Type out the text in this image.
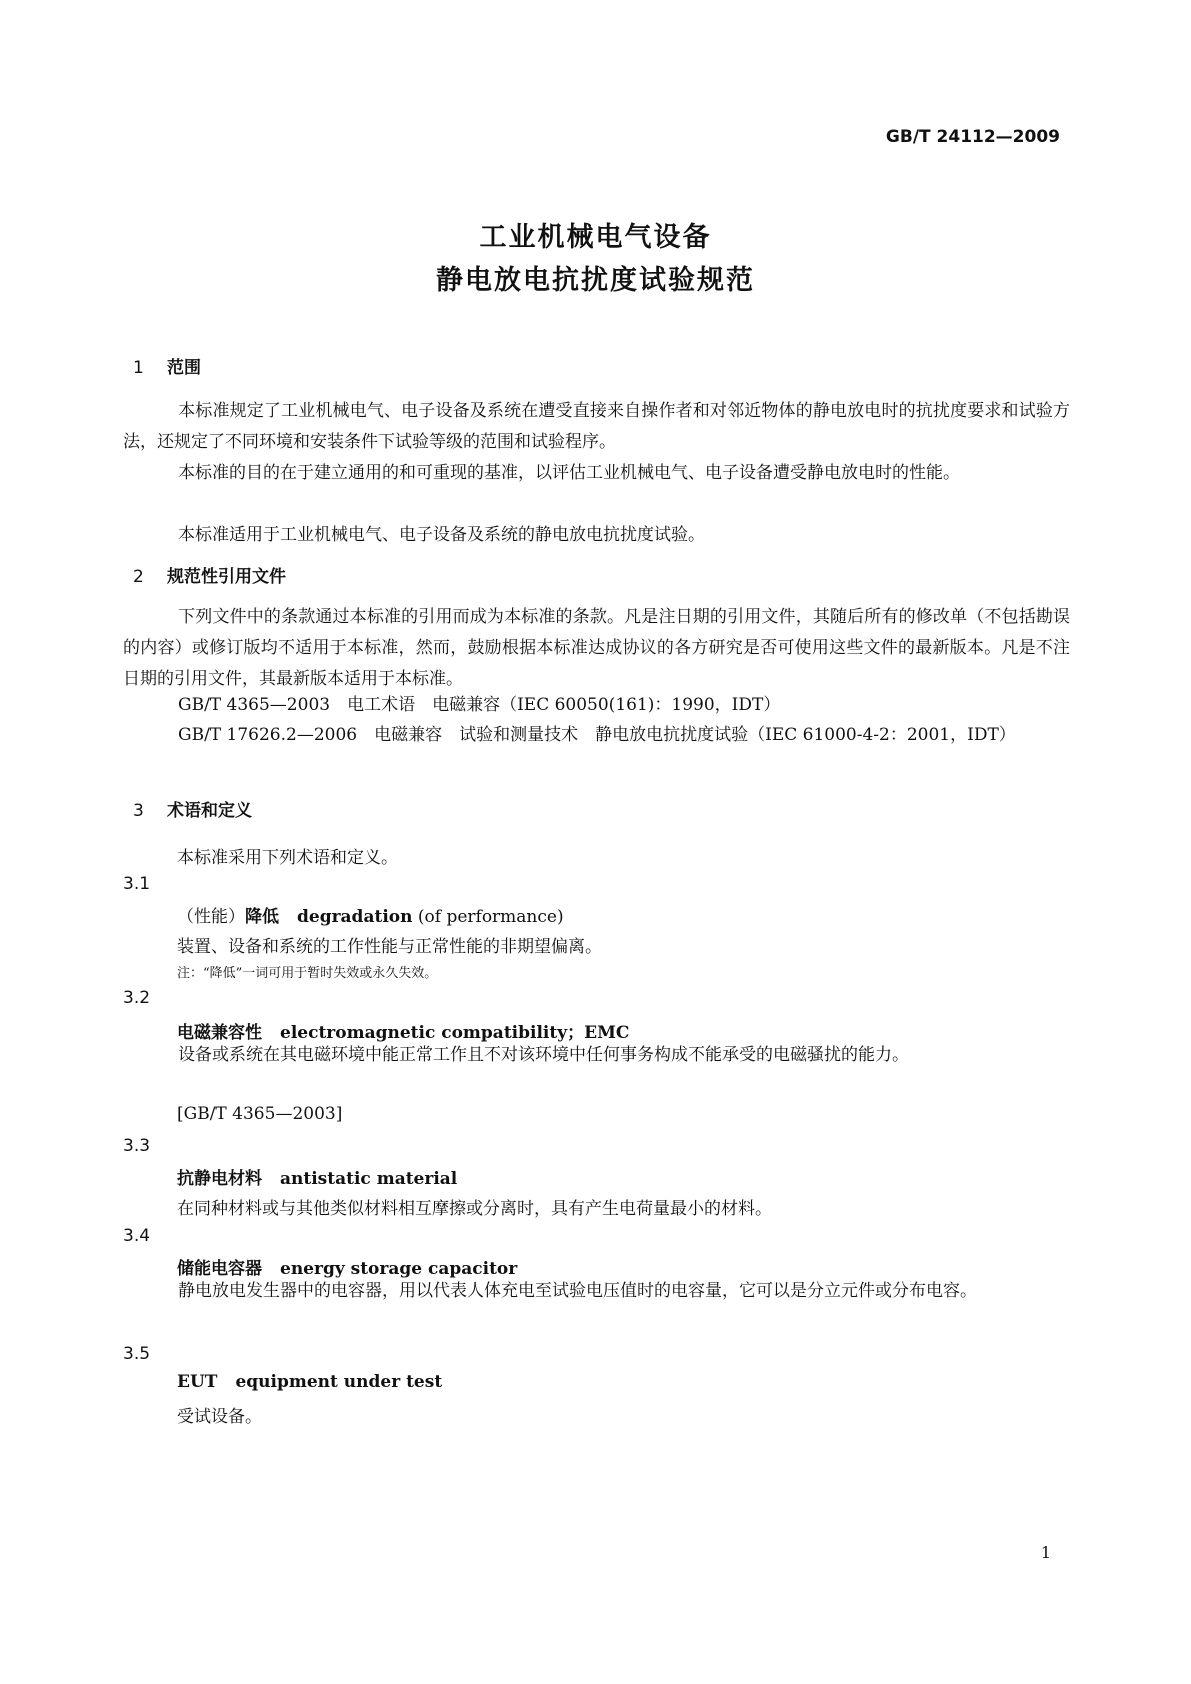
GB/T 24112—2009
工业机械电气设备
静电放电抗扰度试验规范
1 范围
本标准规定了工业机械电气、电子设备及系统在遭受直接来自操作者和对邻近物体的静电放电时的抗扰度要求和试验方法，还规定了不同环境和安装条件下试验等级的范围和试验程序。
本标准的目的在于建立通用的和可重现的基准，以评估工业机械电气、电子设备遭受静电放电时的性能。
本标准适用于工业机械电气、电子设备及系统的静电放电抗扰度试验。
2 规范性引用文件
下列文件中的条款通过本标准的引用而成为本标准的条款。凡是注日期的引用文件，其随后所有的修改单（不包括勘误的内容）或修订版均不适用于本标准，然而，鼓励根据本标准达成协议的各方研究是否可使用这些文件的最新版本。凡是不注日期的引用文件，其最新版本适用于本标准。
GB/T 4365—2003　电工术语　电磁兼容（IEC 60050(161)：1990，IDT）
GB/T 17626.2—2006　电磁兼容　试验和测量技术　静电放电抗扰度试验（IEC 61000-4-2：2001，IDT）
3 术语和定义
本标准采用下列术语和定义。
3.1
（性能）降低 degradation (of performance)
装置、设备和系统的工作性能与正常性能的非期望偏离。
注：“降低”一词可用于暂时失效或永久失效。
3.2
电磁兼容性 electromagnetic compatibility；EMC
设备或系统在其电磁环境中能正常工作且不对该环境中任何事务构成不能承受的电磁骚扰的能力。
[GB/T 4365—2003]
3.3
抗静电材料 antistatic material
在同种材料或与其他类似材料相互摩擦或分离时，具有产生电荷量最小的材料。
3.4
储能电容器 energy storage capacitor
静电放电发生器中的电容器，用以代表人体充电至试验电压值时的电容量，它可以是分立元件或分布电容。
3.5
EUT equipment under test
受试设备。
1
